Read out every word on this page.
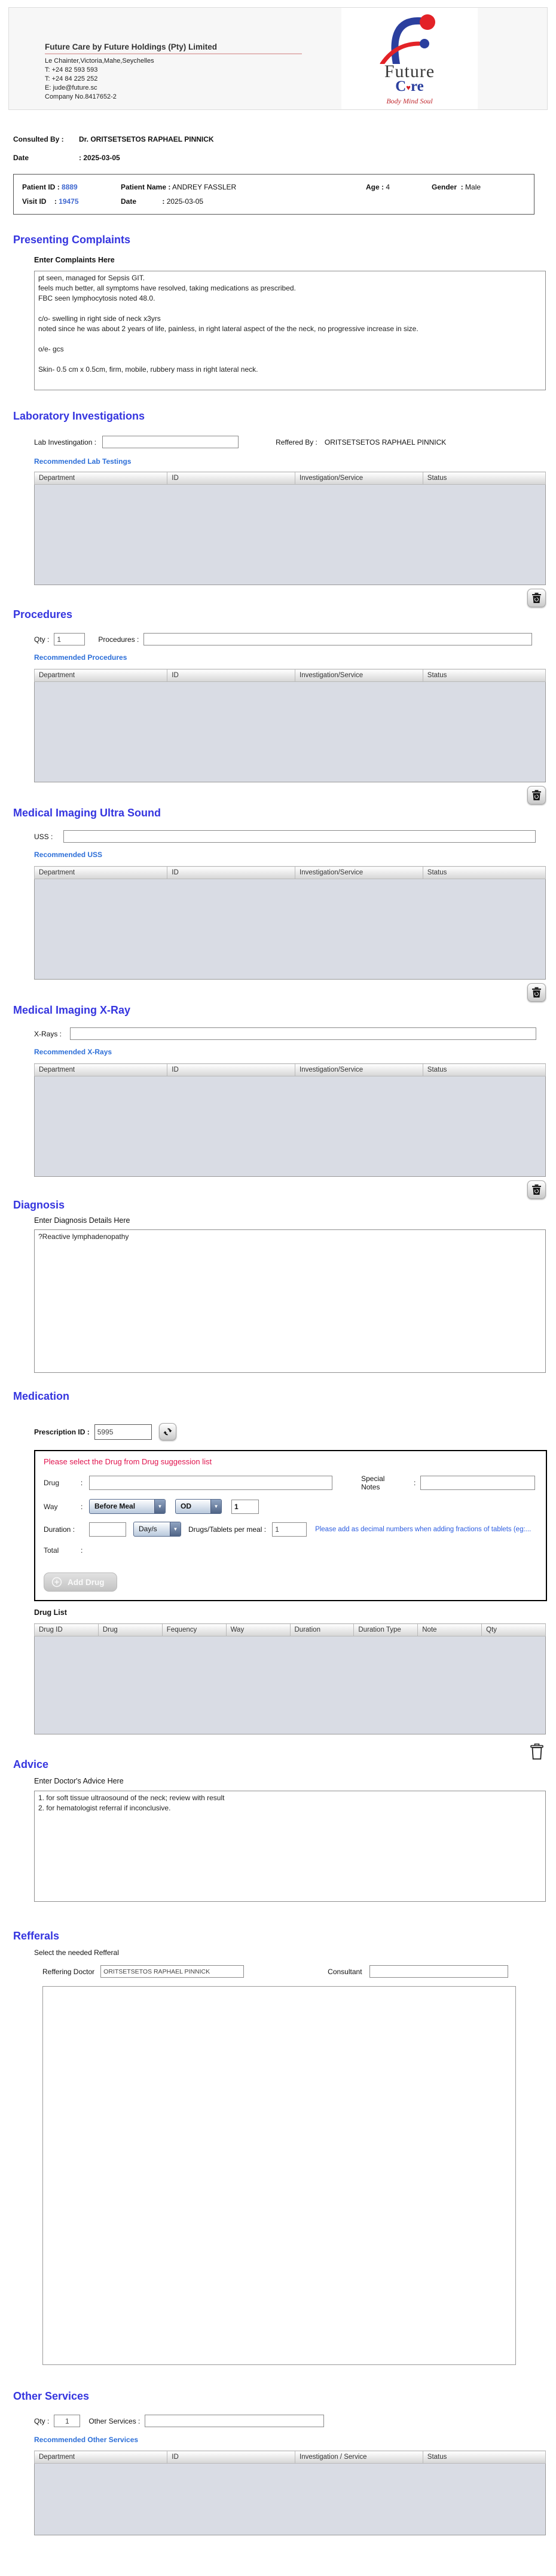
Future Care by Future Holdings (Pty) Limited
Le Chainter,Victoria,Mahe,Seychelles
T: +24 82 593 593
T: +24 84 225 252
E: jude@future.sc
Company No.8417652-2
Future
C♥re
Body Mind Soul
Consulted By :	Dr. ORITSETSETOS RAPHAEL PINNICK
Date	: 2025-03-05
Patient ID : 8889	Patient Name : ANDREY FASSLER	Age : 4	Gender : Male
Visit ID : 19475	Date	: 2025-03-05
Presenting Complaints
Enter Complaints Here
pt seen, managed for Sepsis GIT. feels much better, all symptoms have resolved, taking medications as prescribed. FBC seen lymphocytosis noted 48.0. c/o- swelling in right side of neck x3yrs noted since he was about 2 years of life, painless, in right lateral aspect of the the neck, no progressive increase in size. o/e- gcs Skin- 0.5 cm x 0.5cm, firm, mobile, rubbery mass in right lateral neck.
Laboratory Investigations
Lab Investingation :	Reffered By : ORITSETSETOS RAPHAEL PINNICK
Recommended Lab Testings
Department	ID	Investigation/Service	Status
Procedures
Qty :
1	Procedures :
Recommended Procedures
Department	ID	Investigation/Service	Status
Medical Imaging Ultra Sound
USS :
Recommended USS
Department	ID	Investigation/Service	Status
Medical Imaging X-Ray
X-Rays :
Recommended X-Rays
Department	ID	Investigation/Service	Status
Diagnosis
Enter Diagnosis Details Here
?Reactive lymphadenopathy
Medication
Prescription ID :
5995
Please select the Drug from Drug suggession list
Drug	:	Special Notes	:
Way	:	Before Meal	▼	OD	▼
1
Duration :	Day/s	▼	Drugs/Tablets per meal :
1	Please add as decimal numbers when adding fractions of tablets (eg:...
Total	:
Add Drug
Drug List
Drug ID	Drug	Fequency	Way	Duration	Duration Type	Note	Qty
Advice
Enter Doctor's Advice Here
1. for soft tissue ultraosound of the neck; review with result 2. for hematologist referral if inconclusive.
Refferals
Select the needed Refferal
Reffering Doctor
ORITSETSETOS RAPHAEL PINNICK	Consultant
Other Services
Qty :
1	Other Services :
Recommended Other Services
Department	ID	Investigation / Service	Status
